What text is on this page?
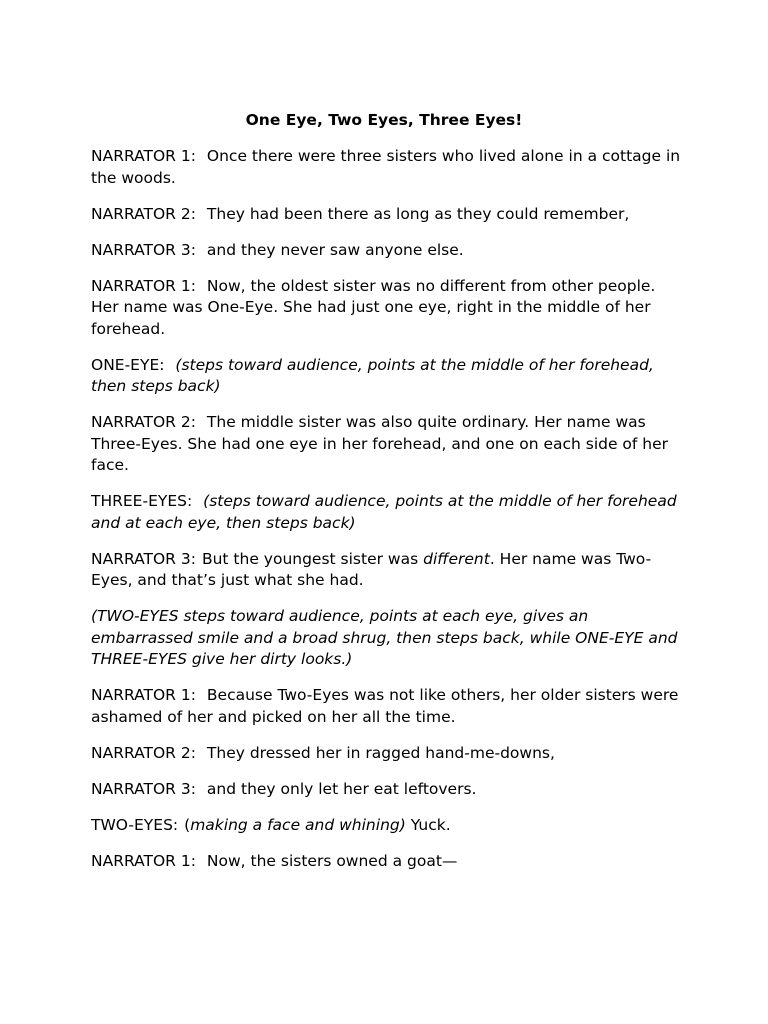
One Eye, Two Eyes, Three Eyes!

NARRATOR 1: Once there were three sisters who lived alone in a cottage in the woods.

NARRATOR 2: They had been there as long as they could remember,

NARRATOR 3: and they never saw anyone else.

NARRATOR 1: Now, the oldest sister was no different from other people. Her name was One-Eye. She had just one eye, right in the middle of her forehead.

ONE-EYE: (steps toward audience, points at the middle of her forehead, then steps back)

NARRATOR 2: The middle sister was also quite ordinary. Her name was Three-Eyes. She had one eye in her forehead, and one on each side of her face.

THREE-EYES: (steps toward audience, points at the middle of her forehead and at each eye, then steps back)

NARRATOR 3: But the youngest sister was different. Her name was Two-Eyes, and that’s just what she had.

(TWO-EYES steps toward audience, points at each eye, gives an embarrassed smile and a broad shrug, then steps back, while ONE-EYE and THREE-EYES give her dirty looks.)

NARRATOR 1: Because Two-Eyes was not like others, her older sisters were ashamed of her and picked on her all the time.

NARRATOR 2: They dressed her in ragged hand-me-downs,

NARRATOR 3: and they only let her eat leftovers.

TWO-EYES: (making a face and whining) Yuck.

NARRATOR 1: Now, the sisters owned a goat—
